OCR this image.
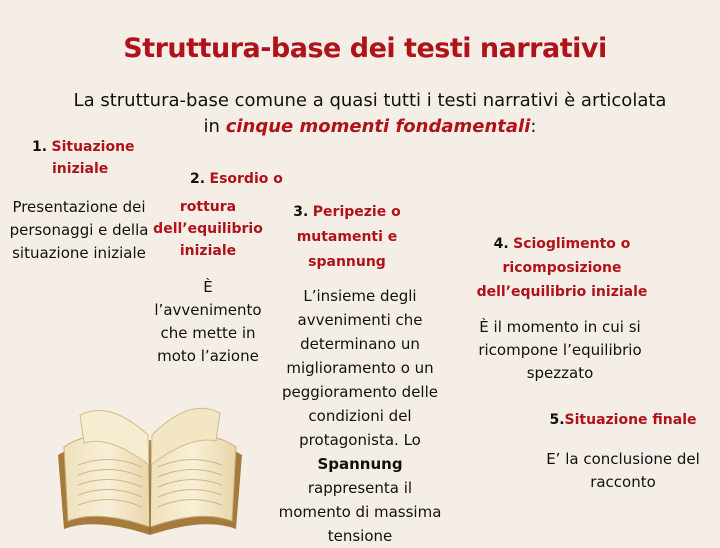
Struttura-base dei testi narrativi
La struttura-base comune a quasi tutti i testi narrativi è articolata
in cinque momenti fondamentali:
1. Situazione
iniziale
Presentazione dei personaggi e della situazione iniziale
2. Esordio o
rottura
dell’equilibrio
iniziale
È
l’avvenimento che mette in moto l’azione
3. Peripezie o
mutamenti e
spannung
L’insieme degli avvenimenti che determinano un miglioramento o un peggioramento delle condizioni del protagonista. Lo Spannung rappresenta il momento di massima tensione
4. Scioglimento o
ricomposizione
dell’equilibrio iniziale
È il momento in cui si ricompone l’equilibrio spezzato
5.Situazione finale
E’ la conclusione del racconto
